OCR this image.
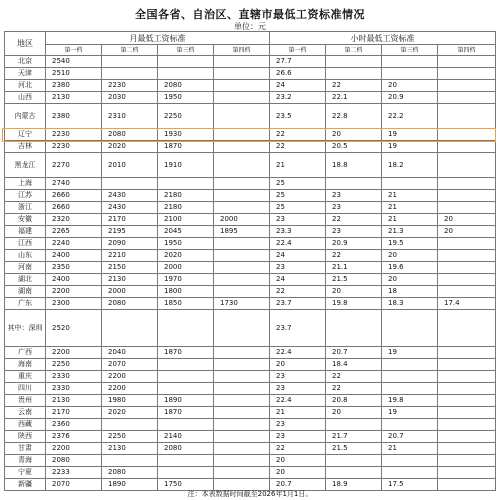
全国各省、自治区、直辖市最低工资标准情况
单位：元
地区	月最低工资标准				小时最低工资标准			
	第一档	第二档	第三档	第四档	第一档	第二档	第三档	第四档
北京	2540				27.7			
天津	2510				26.6			
河北	2380	2230	2080		24	22	20	
山西	2130	2030	1950		23.2	22.1	20.9	
内蒙古	2380	2310	2250		23.5	22.8	22.2	
辽宁	2230	2080	1930		22	20	19	
吉林	2230	2020	1870		22	20.5	19	
黑龙江	2270	2010	1910		21	18.8	18.2	
上海	2740				25			
江苏	2660	2430	2180		25	23	21	
浙江	2660	2430	2180		25	23	21	
安徽	2320	2170	2100	2000	23	22	21	20
福建	2265	2195	2045	1895	23.3	23	21.3	20
江西	2240	2090	1950		22.4	20.9	19.5	
山东	2400	2210	2020		24	22	20	
河南	2350	2150	2000		23	21.1	19.6	
湖北	2400	2130	1970		24	21.5	20	
湖南	2200	2000	1800		22	20	18	
广东	2300	2080	1850	1730	23.7	19.8	18.3	17.4
其中：深圳	2520				23.7			
广西	2200	2040	1870		22.4	20.7	19	
海南	2250	2070			20	18.4		
重庆	2330	2200			23	22		
四川	2330	2200			23	22		
贵州	2130	1980	1890		22.4	20.8	19.8	
云南	2170	2020	1870		21	20	19	
西藏	2360				23			
陕西	2376	2250	2140		23	21.7	20.7	
甘肃	2200	2130	2080		22	21.5	21	
青海	2080				20			
宁夏	2233	2080			20			
新疆	2070	1890	1750		20.7	18.9	17.5	
注：本表数据时间截至2026年1月1日。
